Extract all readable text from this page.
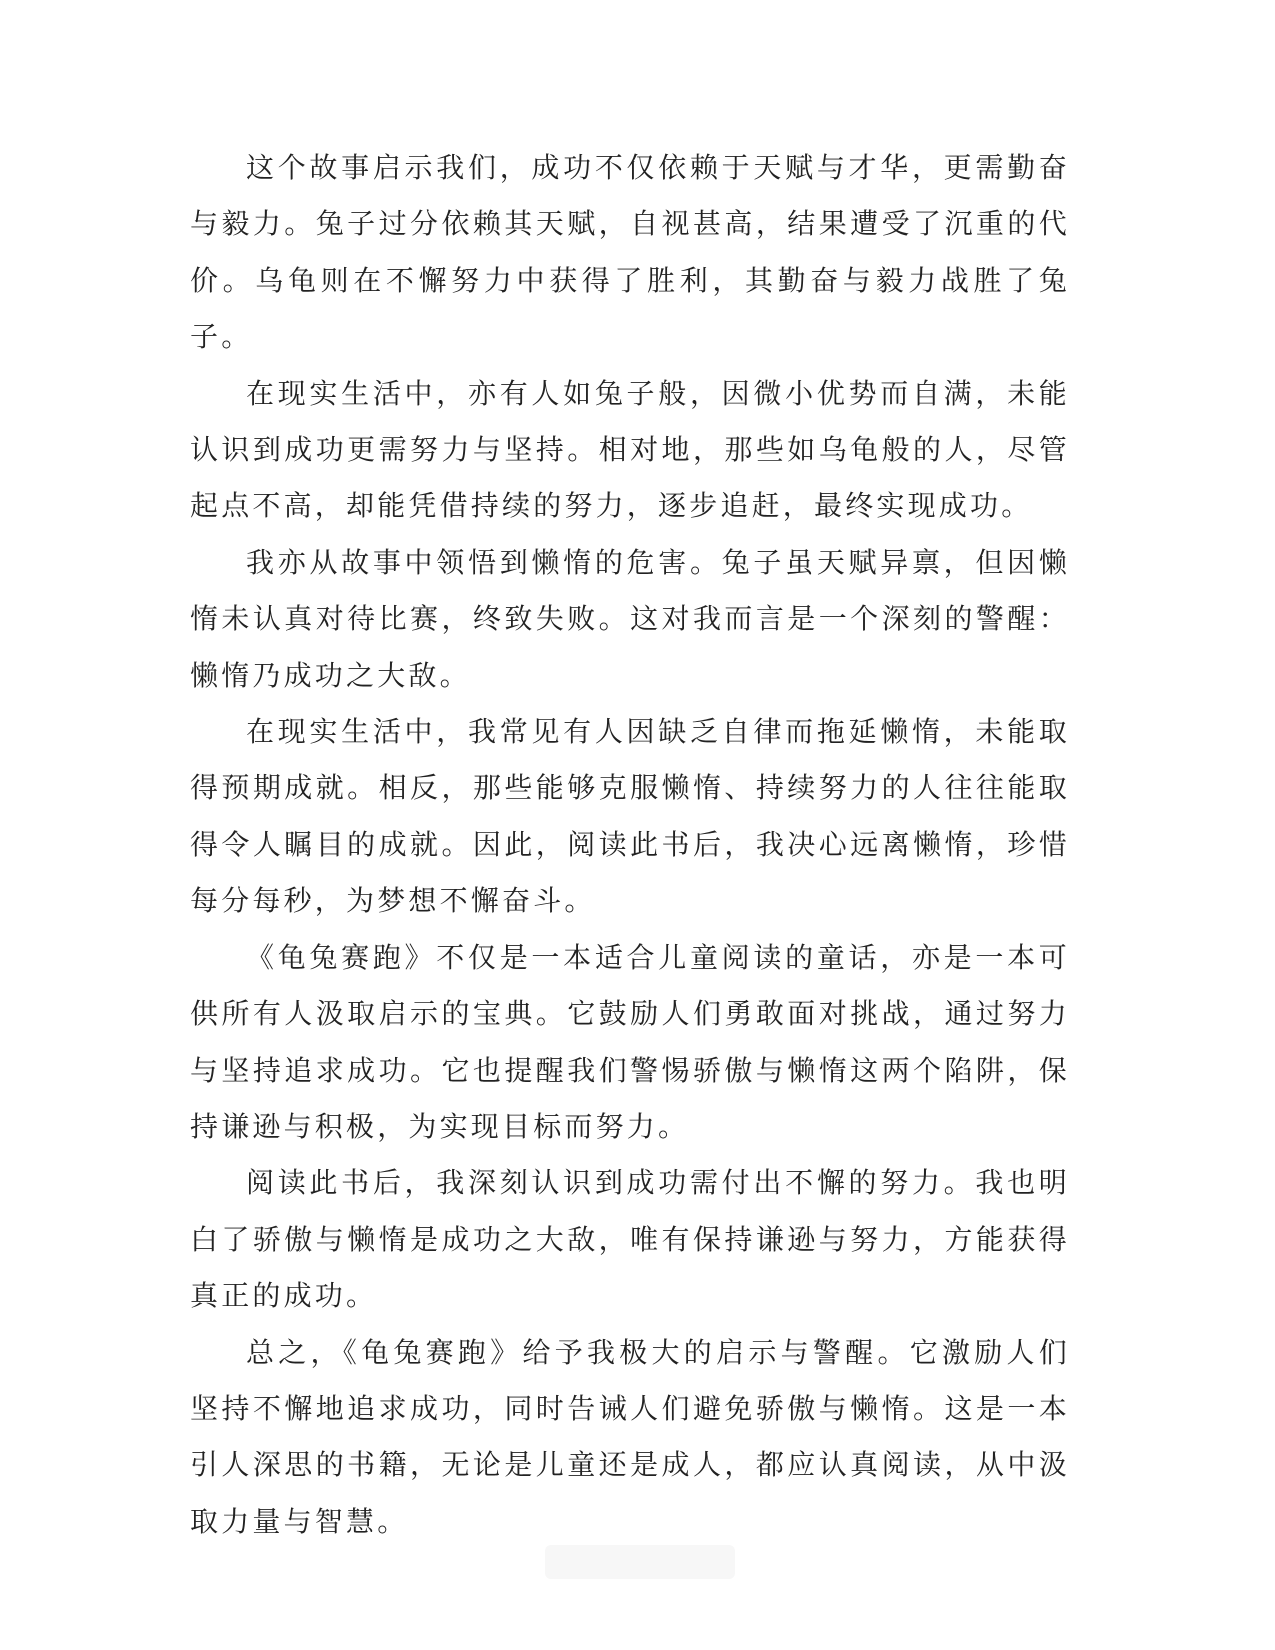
这个故事启示我们，成功不仅依赖于天赋与才华，更需勤奋与毅力。兔子过分依赖其天赋，自视甚高，结果遭受了沉重的代价。乌龟则在不懈努力中获得了胜利，其勤奋与毅力战胜了兔子。

在现实生活中，亦有人如兔子般，因微小优势而自满，未能认识到成功更需努力与坚持。相对地，那些如乌龟般的人，尽管起点不高，却能凭借持续的努力，逐步追赶，最终实现成功。

我亦从故事中领悟到懒惰的危害。兔子虽天赋异禀，但因懒惰未认真对待比赛，终致失败。这对我而言是一个深刻的警醒：懒惰乃成功之大敌。

在现实生活中，我常见有人因缺乏自律而拖延懒惰，未能取得预期成就。相反，那些能够克服懒惰、持续努力的人往往能取得令人瞩目的成就。因此，阅读此书后，我决心远离懒惰，珍惜每分每秒，为梦想不懈奋斗。

《龟兔赛跑》不仅是一本适合儿童阅读的童话，亦是一本可供所有人汲取启示的宝典。它鼓励人们勇敢面对挑战，通过努力与坚持追求成功。它也提醒我们警惕骄傲与懒惰这两个陷阱，保持谦逊与积极，为实现目标而努力。

阅读此书后，我深刻认识到成功需付出不懈的努力。我也明白了骄傲与懒惰是成功之大敌，唯有保持谦逊与努力，方能获得真正的成功。

总之，《龟兔赛跑》给予我极大的启示与警醒。它激励人们坚持不懈地追求成功，同时告诫人们避免骄傲与懒惰。这是一本引人深思的书籍，无论是儿童还是成人，都应认真阅读，从中汲取力量与智慧。
